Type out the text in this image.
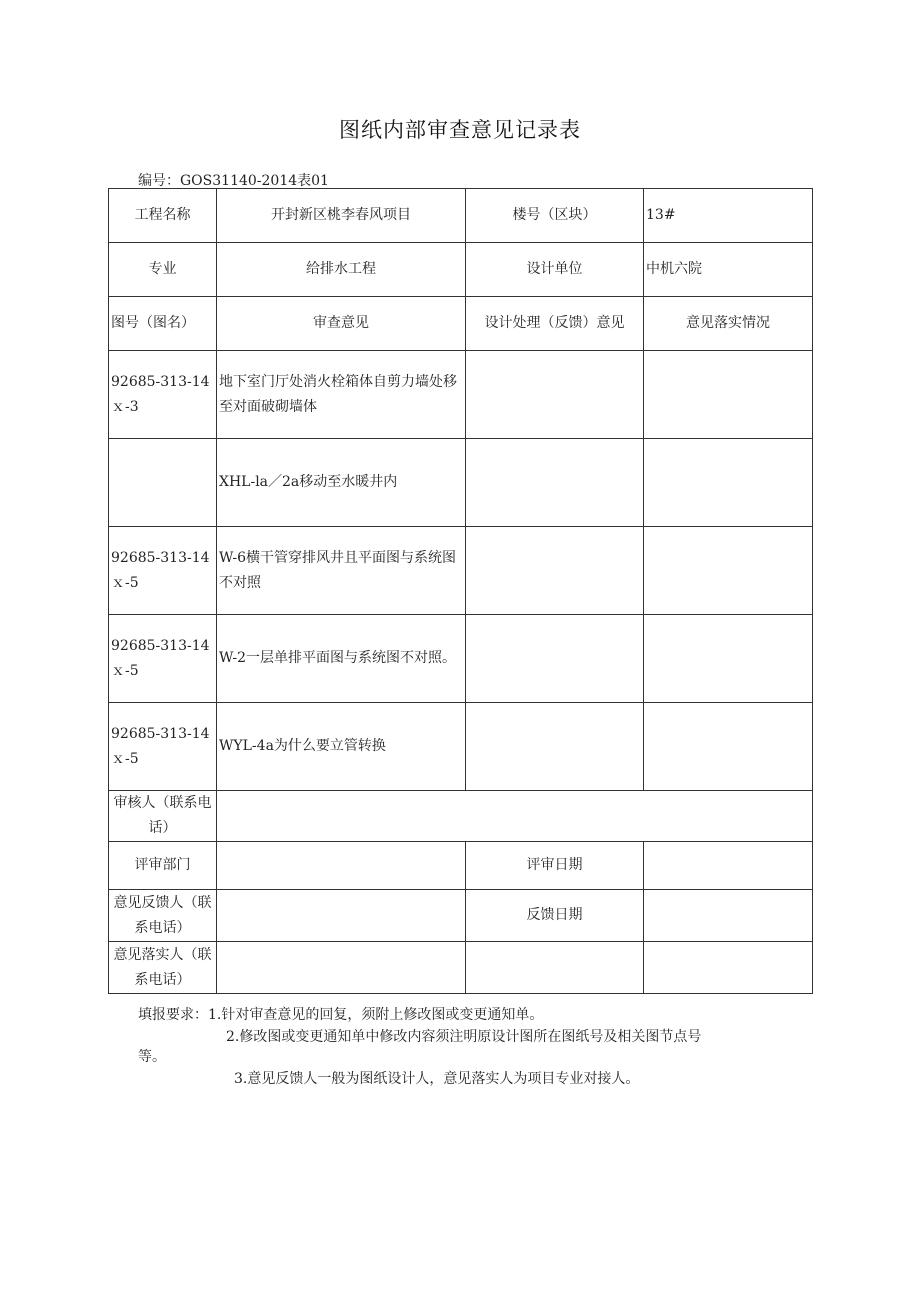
图纸内部审查意见记录表
编号：GOS31140-2014表01
工程名称	开封新区桃李春风项目	楼号（区块）	13#
专业	给排水工程	设计单位	中机六院
图号（图名）	审查意见	设计处理（反馈）意见	意见落实情况
92685-313-14ｘ-3	地下室门厅处消火栓箱体自剪力墙处移至对面破砌墙体		
	XHL-la／2a移动至水暖井内		
92685-313-14ｘ-5	W-6横干管穿排风井且平面图与系统图不对照		
92685-313-14ｘ-5	W-2一层单排平面图与系统图不对照。		
92685-313-14ｘ-5	WYL-4a为什么要立管转换		
审核人（联系电话）			
评审部门		评审日期	
意见反馈人（联系电话）		反馈日期	
意见落实人（联系电话）			
填报要求：1.针对审查意见的回复，须附上修改图或变更通知单。
2.修改图或变更通知单中修改内容须注明原设计图所在图纸号及相关图节点号
等。
3.意见反馈人一般为图纸设计人，意见落实人为项目专业对接人。
